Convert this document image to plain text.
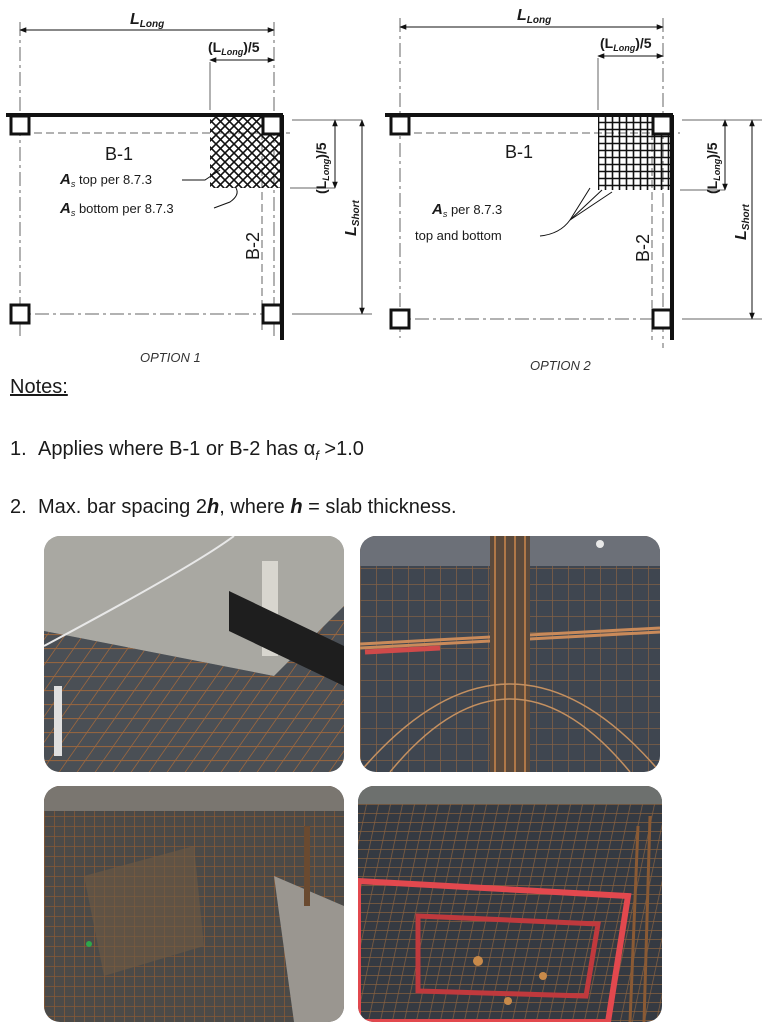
LLong
$(L_{Long})/5$
$(L_{Long})/5$
LShort
B-1
B-2
$A_s$ top per 8.7.3
$A_s$ bottom per 8.7.3
OPTION 1
LLong
$(L_{Long})/5$
$(L_{Long})/5$
LShort
B-1
B-2
$A_s$ per 8.7.3
top and bottom
OPTION 2
Notes:
1. Applies where B-1 or B-2 has $\alpha_f >1.0$
2. Max. bar spacing 2h, where h = slab thickness.
